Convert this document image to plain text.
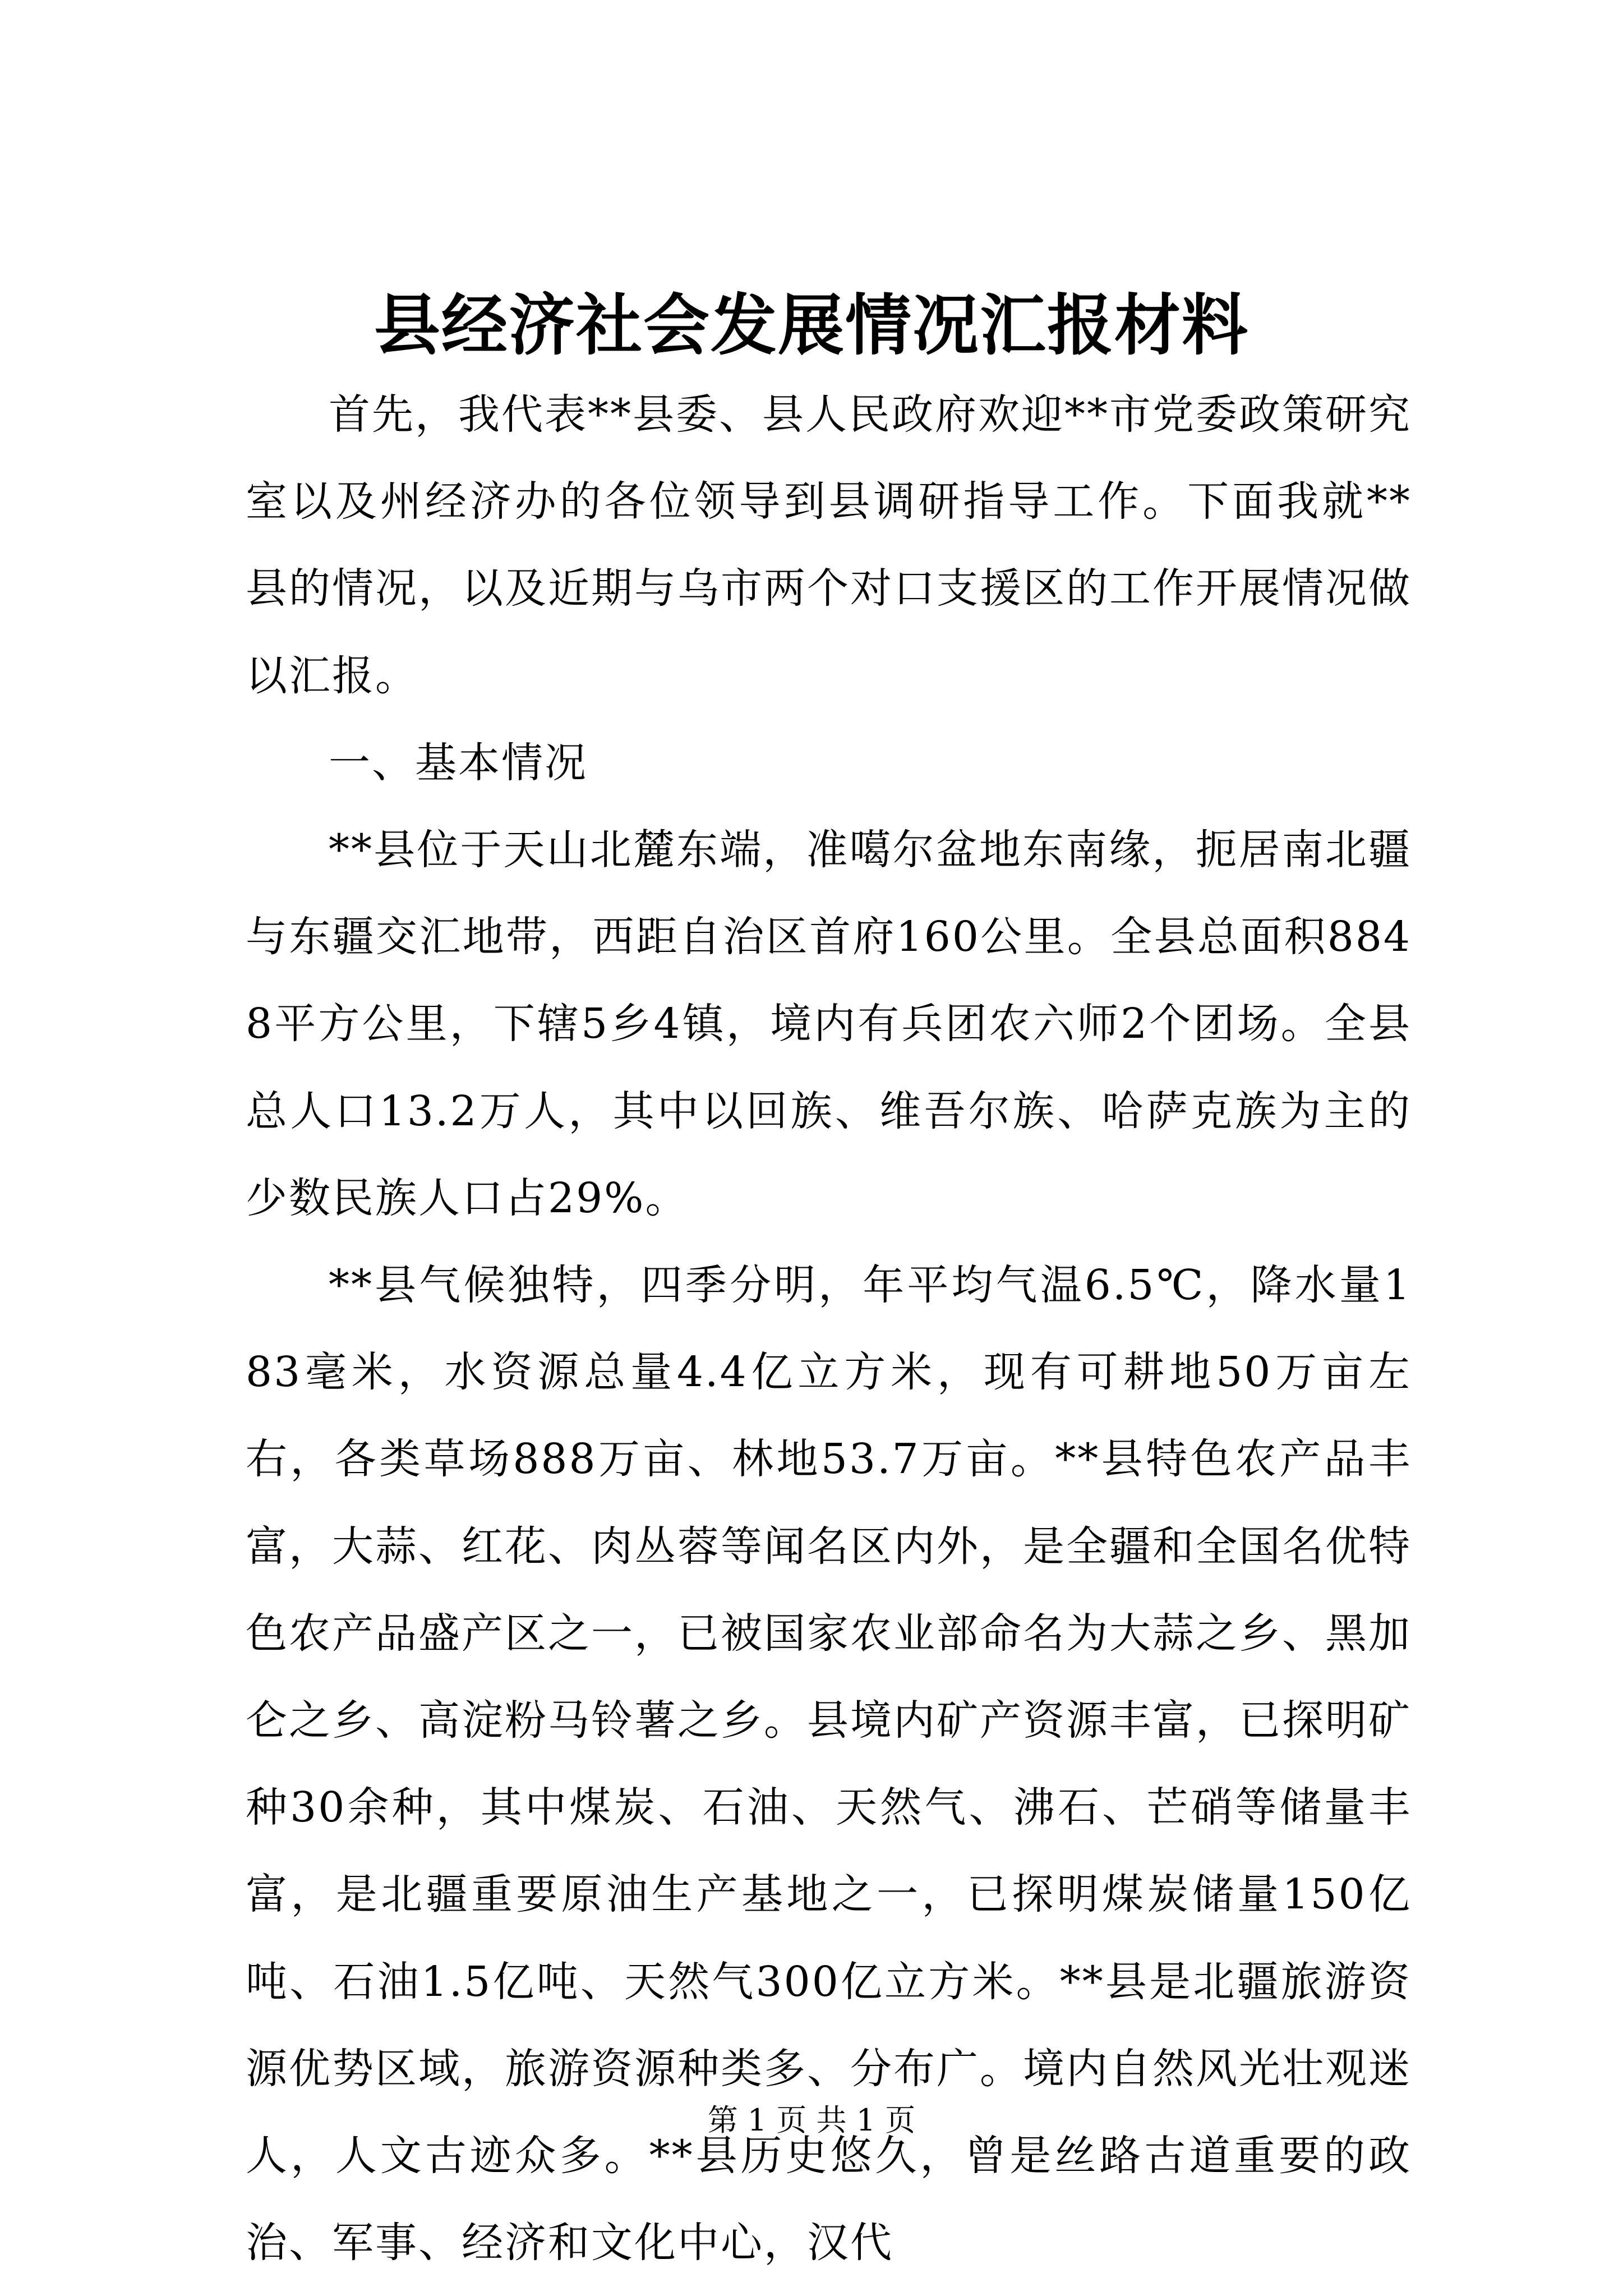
县经济社会发展情况汇报材料

首先，我代表**县委、县人民政府欢迎**市党委政策研究室以及州经济办的各位领导到县调研指导工作。下面我就**县的情况，以及近期与乌市两个对口支援区的工作开展情况做以汇报。

一、基本情况

**县位于天山北麓东端，准噶尔盆地东南缘，扼居南北疆与东疆交汇地带，西距自治区首府160公里。全县总面积8848平方公里，下辖5乡4镇，境内有兵团农六师2个团场。全县总人口13.2万人，其中以回族、维吾尔族、哈萨克族为主的少数民族人口占29%。

**县气候独特，四季分明，年平均气温6.5℃，降水量183毫米，水资源总量4.4亿立方米，现有可耕地50万亩左右，各类草场888万亩、林地53.7万亩。**县特色农产品丰富，大蒜、红花、肉丛蓉等闻名区内外，是全疆和全国名优特色农产品盛产区之一，已被国家农业部命名为大蒜之乡、黑加仑之乡、高淀粉马铃薯之乡。县境内矿产资源丰富，已探明矿种30余种，其中煤炭、石油、天然气、沸石、芒硝等储量丰富，是北疆重要原油生产基地之一，已探明煤炭储量150亿吨、石油1.5亿吨、天然气300亿立方米。**县是北疆旅游资源优势区域，旅游资源种类多、分布广。境内自然风光壮观迷人，人文古迹众多。**县历史悠久，曾是丝路古道重要的政治、军事、经济和文化中心，汉代

第 1 页 共 1 页
